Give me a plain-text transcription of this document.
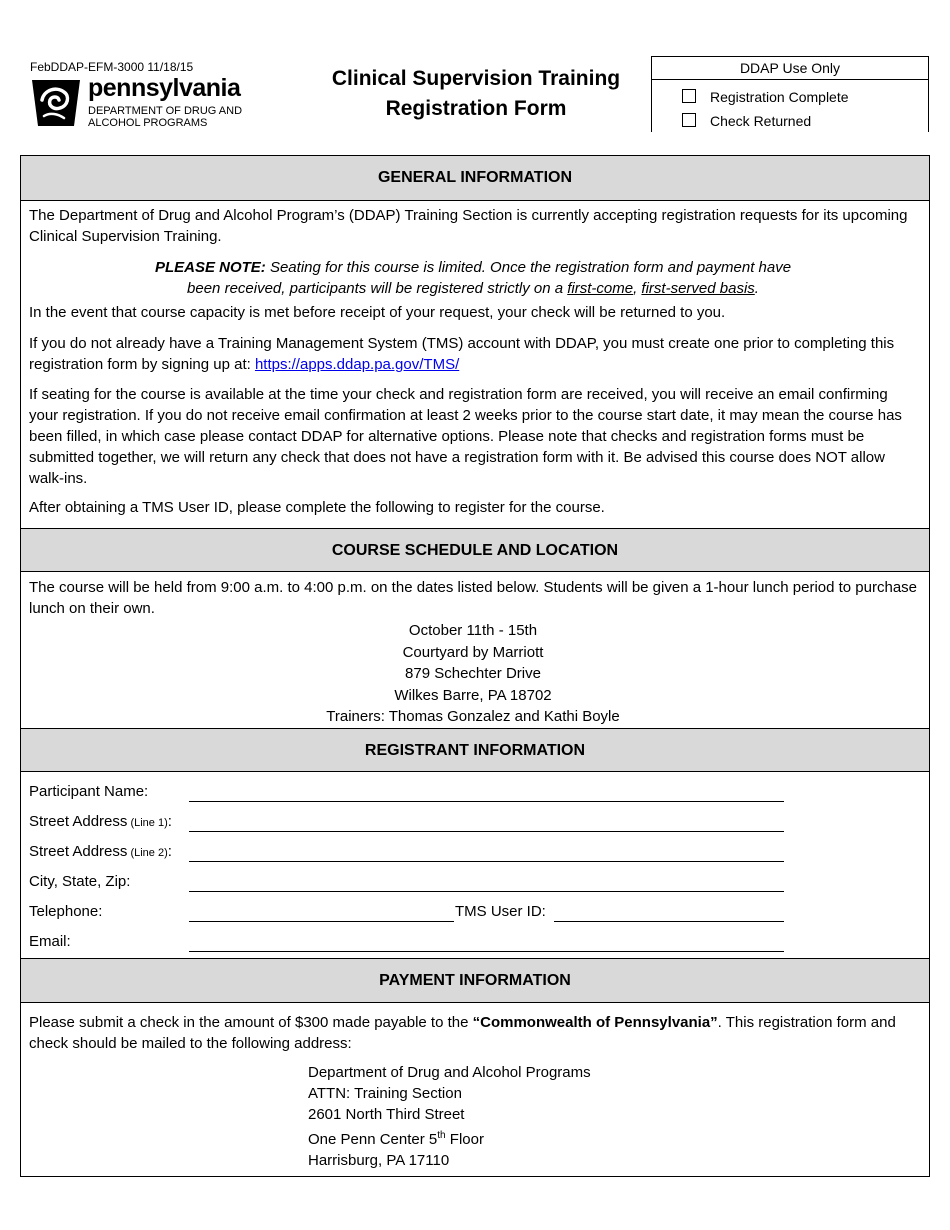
FebDDAP-EFM-3000 11/18/15
pennsylvania
DEPARTMENT OF DRUG AND
ALCOHOL PROGRAMS
Clinical Supervision Training
Registration Form
DDAP Use Only
Registration Complete
Check Returned
GENERAL INFORMATION
The Department of Drug and Alcohol Program’s (DDAP) Training Section is currently accepting registration requests for its upcoming Clinical Supervision Training.
PLEASE NOTE: Seating for this course is limited. Once the registration form and payment have
been received, participants will be registered strictly on a first-come, first-served basis.
In the event that course capacity is met before receipt of your request, your check will be returned to you.
If you do not already have a Training Management System (TMS) account with DDAP, you must create one prior to completing this registration form by signing up at: https://apps.ddap.pa.gov/TMS/
If seating for the course is available at the time your check and registration form are received, you will receive an email confirming your registration. If you do not receive email confirmation at least 2 weeks prior to the course start date, it may mean the course has been filled, in which case please contact DDAP for alternative options. Please note that checks and registration forms must be submitted together, we will return any check that does not have a registration form with it. Be advised this course does NOT allow walk-ins.
After obtaining a TMS User ID, please complete the following to register for the course.
COURSE SCHEDULE AND LOCATION
The course will be held from 9:00 a.m. to 4:00 p.m. on the dates listed below. Students will be given a 1-hour lunch period to purchase lunch on their own.
October 11th - 15th
Courtyard by Marriott
879 Schechter Drive
Wilkes Barre, PA 18702
Trainers: Thomas Gonzalez and Kathi Boyle
REGISTRANT INFORMATION
Participant Name:
Street Address (Line 1):
Street Address (Line 2):
City, State, Zip:
Telephone:	TMS User ID:
Email:
PAYMENT INFORMATION
Please submit a check in the amount of $300 made payable to the “Commonwealth of Pennsylvania”. This registration form and check should be mailed to the following address:
Department of Drug and Alcohol Programs
ATTN: Training Section
2601 North Third Street
One Penn Center 5th Floor
Harrisburg, PA 17110
